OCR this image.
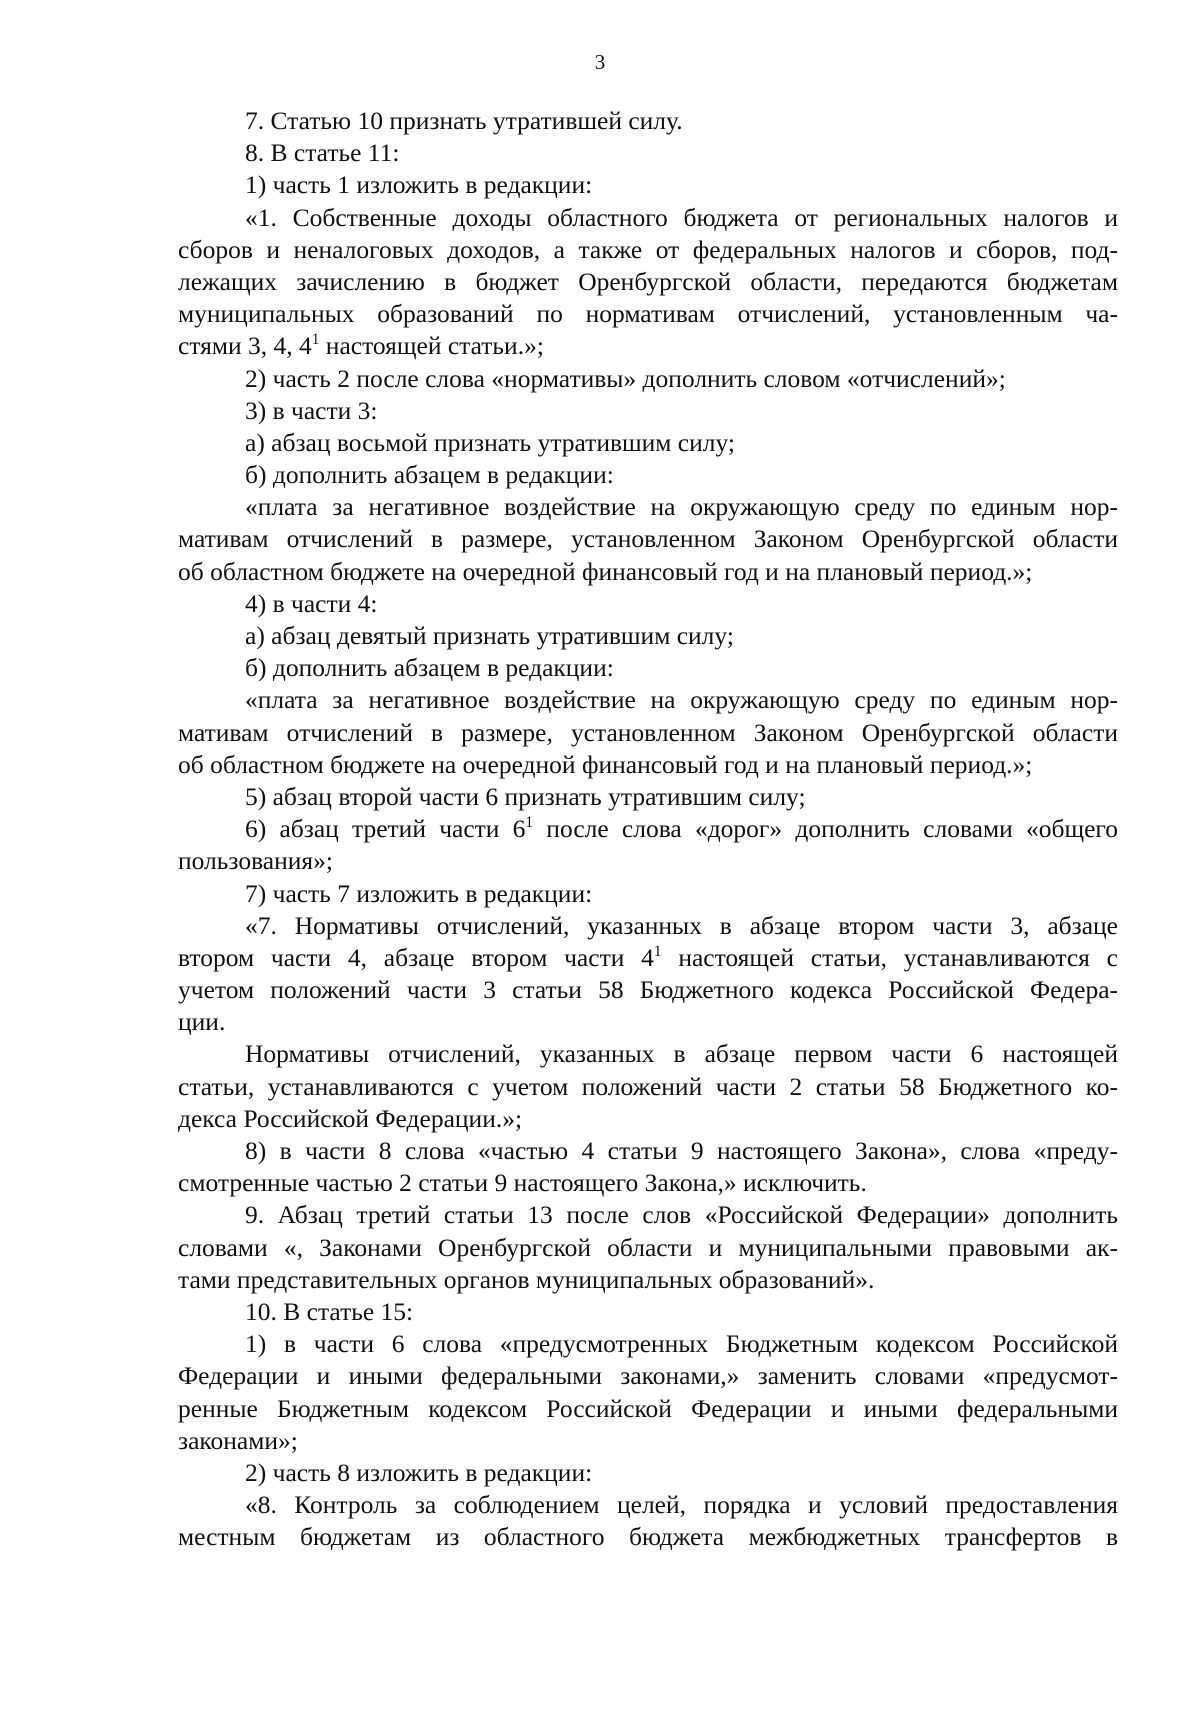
3
7. Статью 10 признать утратившей силу.
8. В статье 11:
1) часть 1 изложить в редакции:
«1. Собственные доходы областного бюджета от региональных налогов и
сборов и неналоговых доходов, а также от федеральных налогов и сборов, под-
лежащих зачислению в бюджет Оренбургской области, передаются бюджетам
муниципальных образований по нормативам отчислений, установленным ча-
стями 3, 4, $4^1$ настоящей статьи.»;
2) часть 2 после слова «нормативы» дополнить словом «отчислений»;
3) в части 3:
а) абзац восьмой признать утратившим силу;
б) дополнить абзацем в редакции:
«плата за негативное воздействие на окружающую среду по единым нор-
мативам отчислений в размере, установленном Законом Оренбургской области
об областном бюджете на очередной финансовый год и на плановый период.»;
4) в части 4:
а) абзац девятый признать утратившим силу;
б) дополнить абзацем в редакции:
«плата за негативное воздействие на окружающую среду по единым нор-
мативам отчислений в размере, установленном Законом Оренбургской области
об областном бюджете на очередной финансовый год и на плановый период.»;
5) абзац второй части 6 признать утратившим силу;
6) абзац третий части $6^1$ после слова «дорог» дополнить словами «общего
пользования»;
7) часть 7 изложить в редакции:
«7. Нормативы отчислений, указанных в абзаце втором части 3, абзаце
втором части 4, абзаце втором части $4^1$ настоящей статьи, устанавливаются с
учетом положений части 3 статьи 58 Бюджетного кодекса Российской Федера-
ции.
Нормативы отчислений, указанных в абзаце первом части 6 настоящей
статьи, устанавливаются с учетом положений части 2 статьи 58 Бюджетного ко-
декса Российской Федерации.»;
8) в части 8 слова «частью 4 статьи 9 настоящего Закона», слова «преду-
смотренные частью 2 статьи 9 настоящего Закона,» исключить.
9. Абзац третий статьи 13 после слов «Российской Федерации» дополнить
словами «, Законами Оренбургской области и муниципальными правовыми ак-
тами представительных органов муниципальных образований».
10. В статье 15:
1) в части 6 слова «предусмотренных Бюджетным кодексом Российской
Федерации и иными федеральными законами,» заменить словами «предусмот-
ренные Бюджетным кодексом Российской Федерации и иными федеральными
законами»;
2) часть 8 изложить в редакции:
«8. Контроль за соблюдением целей, порядка и условий предоставления
местным бюджетам из областного бюджета межбюджетных трансфертов в
